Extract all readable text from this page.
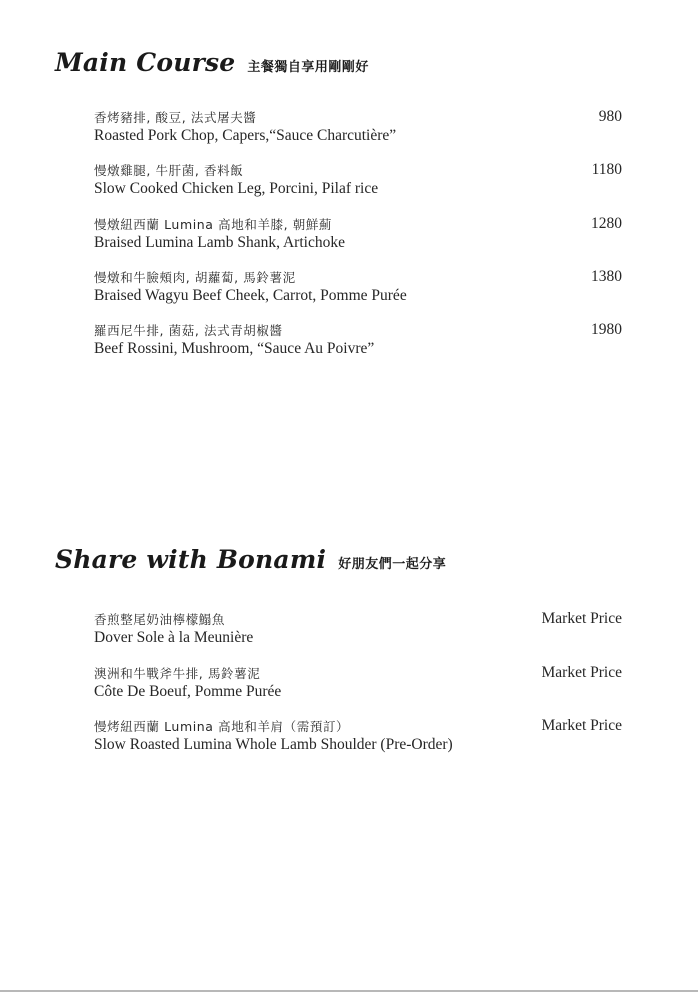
Main Course 主餐獨自享用剛剛好
香烤豬排, 酸豆, 法式屠夫醬
Roasted Pork Chop, Capers,“Sauce Charcutière”
980
慢燉雞腿, 牛肝菌, 香料飯
Slow Cooked Chicken Leg, Porcini, Pilaf rice
1180
慢燉紐西蘭 Lumina 高地和羊膝, 朝鮮薊
Braised Lumina Lamb Shank, Artichoke
1280
慢燉和牛臉頰肉, 胡蘿蔔, 馬鈴薯泥
Braised Wagyu Beef Cheek, Carrot, Pomme Purée
1380
羅西尼牛排, 菌菇, 法式青胡椒醬
Beef Rossini, Mushroom, “Sauce Au Poivre”
1980
Share with Bonami 好朋友們一起分享
香煎整尾奶油檸檬鰨魚
Dover Sole à la Meunière
Market Price
澳洲和牛戰斧牛排, 馬鈴薯泥
Côte De Boeuf, Pomme Purée
Market Price
慢烤紐西蘭 Lumina 高地和羊肩（需預訂）
Slow Roasted Lumina Whole Lamb Shoulder (Pre-Order)
Market Price
